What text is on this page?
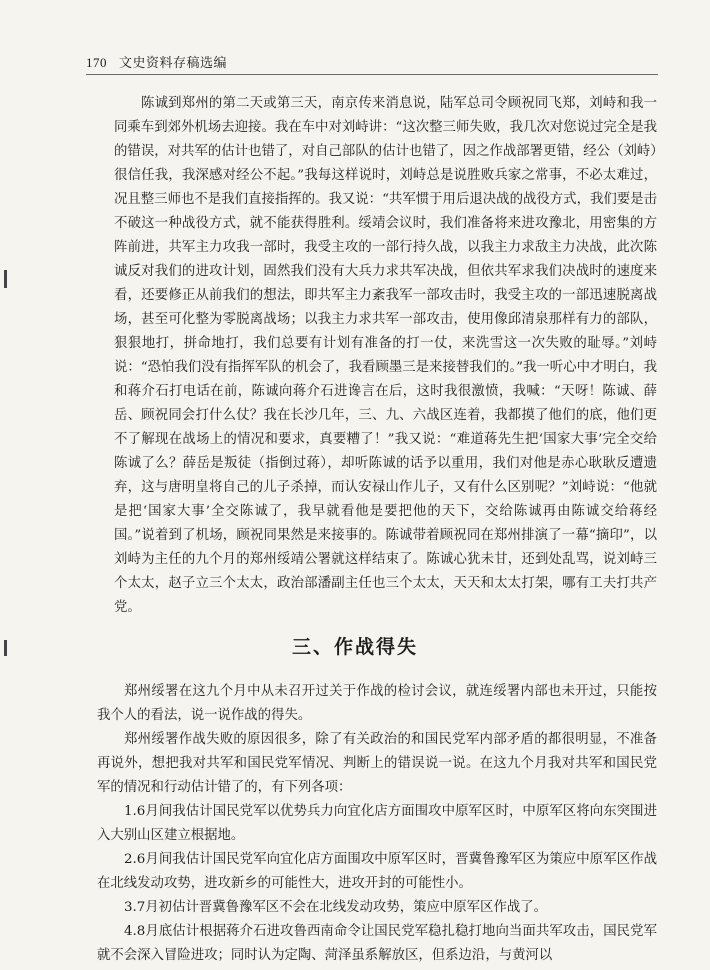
170 文史资料存稿选编

陈诚到郑州的第二天或第三天，南京传来消息说，陆军总司令顾祝同飞郑，刘峙和我一同乘车到郊外机场去迎接。我在车中对刘峙讲：“这次整三师失败，我几次对您说过完全是我的错误，对共军的估计也错了，对自己部队的估计也错了，因之作战部署更错，经公（刘峙）很信任我，我深感对经公不起。”我每这样说时，刘峙总是说胜败兵家之常事，不必太难过，况且整三师也不是我们直接指挥的。我又说：“共军惯于用后退决战的战役方式，我们要是击不破这一种战役方式，就不能获得胜利。绥靖会议时，我们准备将来进攻豫北，用密集的方阵前进，共军主力攻我一部时，我受主攻的一部行持久战，以我主力求敌主力决战，此次陈诚反对我们的进攻计划，固然我们没有大兵力求共军决战，但依共军求我们决战时的速度来看，还要修正从前我们的想法，即共军主力紊我军一部攻击时，我受主攻的一部迅速脱离战场，甚至可化整为零脱离战场；以我主力求共军一部攻击，使用像邱清泉那样有力的部队，狠狠地打，拼命地打，我们总要有计划有准备的打一仗，来洗雪这一次失败的耻辱。”刘峙说：“恐怕我们没有指挥军队的机会了，我看顾墨三是来接替我们的。”我一听心中才明白，我和蒋介石打电话在前，陈诚向蒋介石进谗言在后，这时我很激愤，我喊：“天呀！陈诚、薛岳、顾祝同会打什么仗？我在长沙几年，三、九、六战区连着，我都摸了他们的底，他们更不了解现在战场上的情况和要求，真要糟了！”我又说：“难道蒋先生把‘国家大事’完全交给陈诚了么？薛岳是叛徒（指倒过蒋），却听陈诚的话予以重用，我们对他是赤心耿耿反遭遗弃，这与唐明皇将自己的儿子杀掉，而认安禄山作儿子，又有什么区别呢？”刘峙说：“他就是把‘国家大事’全交陈诚了，我早就看他是要把他的天下，交给陈诚再由陈诚交给蒋经国。”说着到了机场，顾祝同果然是来接事的。陈诚带着顾祝同在郑州排演了一幕“摘印”，以刘峙为主任的九个月的郑州绥靖公署就这样结束了。陈诚心犹未甘，还到处乱骂，说刘峙三个太太，赵子立三个太太，政治部潘副主任也三个太太，天天和太太打架，哪有工夫打共产党。

三、作战得失

郑州绥署在这九个月中从未召开过关于作战的检讨会议，就连绥署内部也未开过，只能按我个人的看法，说一说作战的得失。

郑州绥署作战失败的原因很多，除了有关政治的和国民党军内部矛盾的都很明显，不准备再说外，想把我对共军和国民党军情况、判断上的错误说一说。在这九个月我对共军和国民党军的情况和行动估计错了的，有下列各项：

1.6月间我估计国民党军以优势兵力向宜化店方面围攻中原军区时，中原军区将向东突围进入大别山区建立根据地。

2.6月间我估计国民党军向宜化店方面围攻中原军区时，晋冀鲁豫军区为策应中原军区作战在北线发动攻势，进攻新乡的可能性大，进攻开封的可能性小。

3.7月初估计晋冀鲁豫军区不会在北线发动攻势，策应中原军区作战了。

4.8月底估计根据蒋介石进攻鲁西南命令让国民党军稳扎稳打地向当面共军攻击，国民党军就不会深入冒险进攻；同时认为定陶、菏泽虽系解放区，但系边沿，与黄河以
